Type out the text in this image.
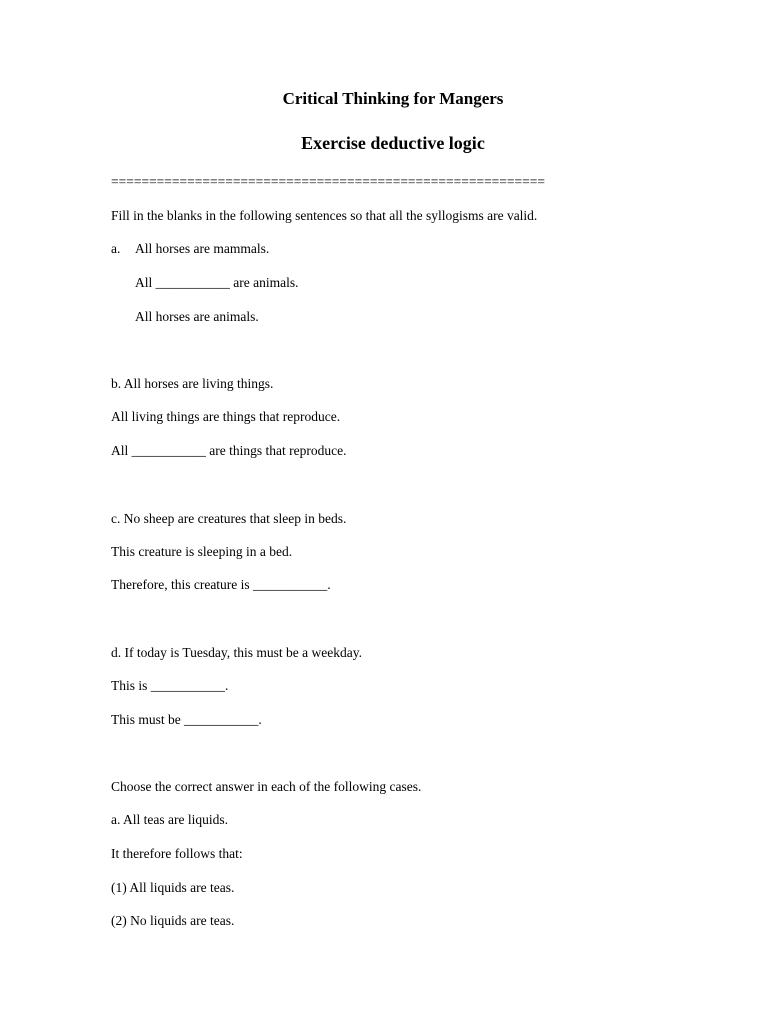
Critical Thinking for Mangers
Exercise deductive logic
=========================================================
Fill in the blanks in the following sentences so that all the syllogisms are valid.
a. All horses are mammals.
All ___________ are animals.
All horses are animals.
b. All horses are living things.
All living things are things that reproduce.
All ___________ are things that reproduce.
c. No sheep are creatures that sleep in beds.
This creature is sleeping in a bed.
Therefore, this creature is ___________.
d. If today is Tuesday, this must be a weekday.
This is ___________.
This must be ___________.
Choose the correct answer in each of the following cases.
a. All teas are liquids.
It therefore follows that:
(1) All liquids are teas.
(2) No liquids are teas.
